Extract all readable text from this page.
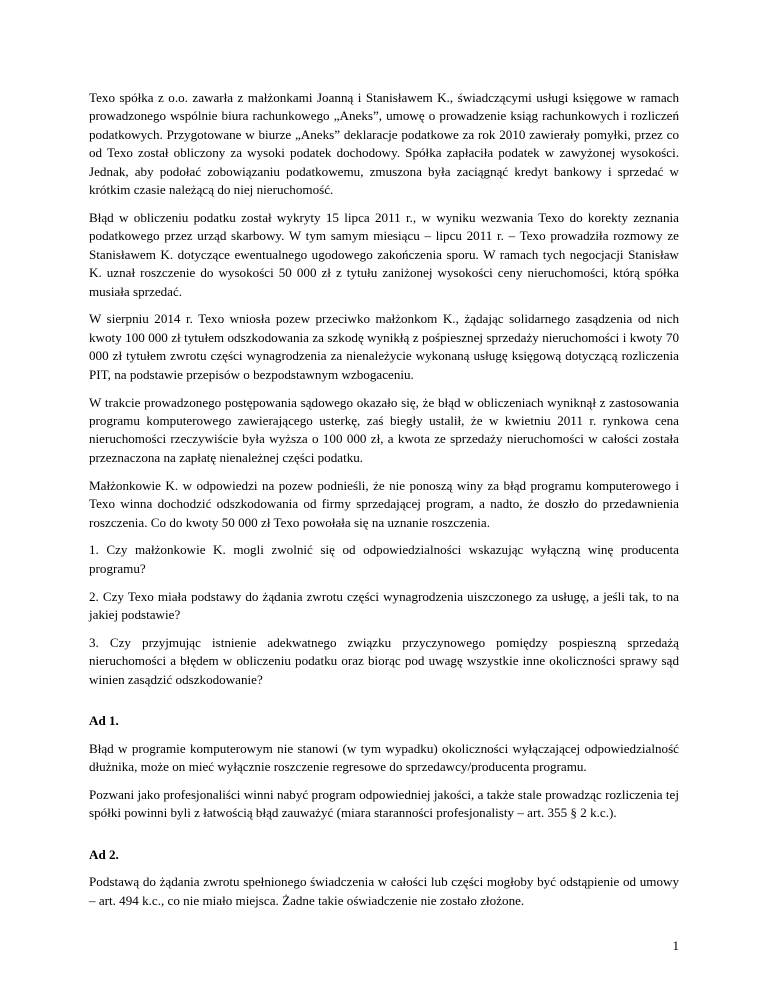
Texo spółka z o.o. zawarła z małżonkami Joanną i Stanisławem K., świadczącymi usługi księgowe w ramach prowadzonego wspólnie biura rachunkowego „Aneks”, umowę o prowadzenie ksiąg rachunkowych i rozliczeń podatkowych. Przygotowane w biurze „Aneks” deklaracje podatkowe za rok 2010 zawierały pomyłki, przez co od Texo został obliczony za wysoki podatek dochodowy. Spółka zapłaciła podatek w zawyżonej wysokości. Jednak, aby podołać zobowiązaniu podatkowemu, zmuszona była zaciągnąć kredyt bankowy i sprzedać w krótkim czasie należącą do niej nieruchomość.

Błąd w obliczeniu podatku został wykryty 15 lipca 2011 r., w wyniku wezwania Texo do korekty zeznania podatkowego przez urząd skarbowy. W tym samym miesiącu – lipcu 2011 r. – Texo prowadziła rozmowy ze Stanisławem K. dotyczące ewentualnego ugodowego zakończenia sporu. W ramach tych negocjacji Stanisław K. uznał roszczenie do wysokości 50 000 zł z tytułu zaniżonej wysokości ceny nieruchomości, którą spółka musiała sprzedać.

W sierpniu 2014 r. Texo wniosła pozew przeciwko małżonkom K., żądając solidarnego zasądzenia od nich kwoty 100 000 zł tytułem odszkodowania za szkodę wynikłą z pośpiesznej sprzedaży nieruchomości i kwoty 70 000 zł tytułem zwrotu części wynagrodzenia za nienależycie wykonaną usługę księgową dotyczącą rozliczenia PIT, na podstawie przepisów o bezpodstawnym wzbogaceniu.

W trakcie prowadzonego postępowania sądowego okazało się, że błąd w obliczeniach wyniknął z zastosowania programu komputerowego zawierającego usterkę, zaś biegły ustalił, że w kwietniu 2011 r. rynkowa cena nieruchomości rzeczywiście była wyższa o 100 000 zł, a kwota ze sprzedaży nieruchomości w całości została przeznaczona na zapłatę nienależnej części podatku.

Małżonkowie K. w odpowiedzi na pozew podnieśli, że nie ponoszą winy za błąd programu komputerowego i Texo winna dochodzić odszkodowania od firmy sprzedającej program, a nadto, że doszło do przedawnienia roszczenia. Co do kwoty 50 000 zł Texo powołała się na uznanie roszczenia.

1. Czy małżonkowie K. mogli zwolnić się od odpowiedzialności wskazując wyłączną winę producenta programu?

2. Czy Texo miała podstawy do żądania zwrotu części wynagrodzenia uiszczonego za usługę, a jeśli tak, to na jakiej podstawie?

3. Czy przyjmując istnienie adekwatnego związku przyczynowego pomiędzy pospieszną sprzedażą nieruchomości a błędem w obliczeniu podatku oraz biorąc pod uwagę wszystkie inne okoliczności sprawy sąd winien zasądzić odszkodowanie?

Ad 1.

Błąd w programie komputerowym nie stanowi (w tym wypadku) okoliczności wyłączającej odpowiedzialność dłużnika, może on mieć wyłącznie roszczenie regresowe do sprzedawcy/producenta programu.

Pozwani jako profesjonaliści winni nabyć program odpowiedniej jakości, a także stale prowadząc rozliczenia tej spółki powinni byli z łatwością błąd zauważyć (miara staranności profesjonalisty – art. 355 § 2 k.c.).

Ad 2.

Podstawą do żądania zwrotu spełnionego świadczenia w całości lub części mogłoby być odstąpienie od umowy – art. 494 k.c., co nie miało miejsca. Żadne takie oświadczenie nie zostało złożone.

1
